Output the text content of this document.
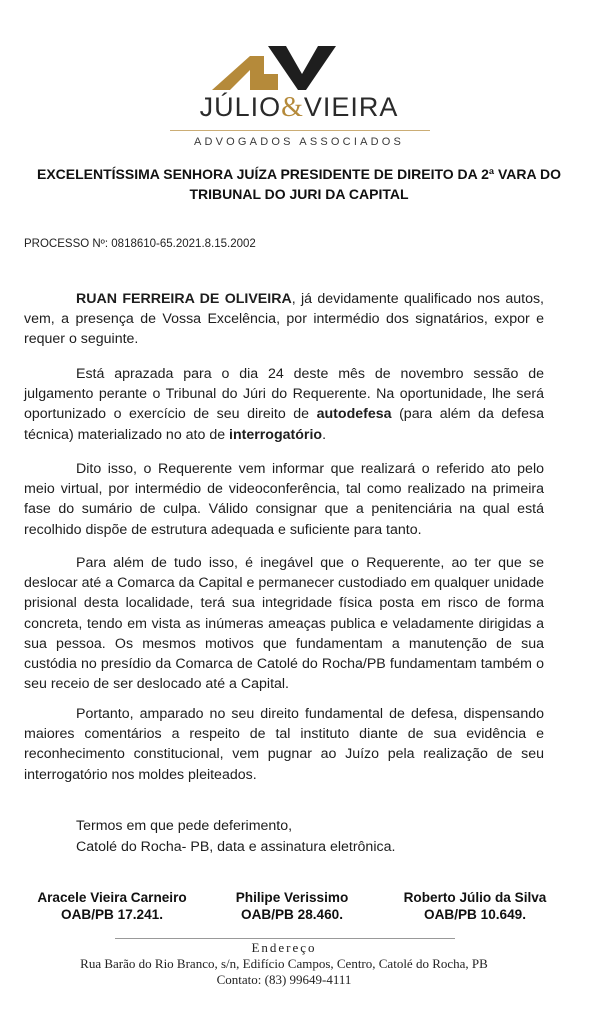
JÚLIO&VIEIRA
ADVOGADOS ASSOCIADOS
EXCELENTÍSSIMA SENHORA JUÍZA PRESIDENTE DE DIREITO DA 2ª VARA DO TRIBUNAL DO JURI DA CAPITAL
PROCESSO Nº: 0818610-65.2021.8.15.2002

RUAN FERREIRA DE OLIVEIRA, já devidamente qualificado nos autos, vem, a presença de Vossa Excelência, por intermédio dos signatários, expor e requer o seguinte.

Está aprazada para o dia 24 deste mês de novembro sessão de julgamento perante o Tribunal do Júri do Requerente. Na oportunidade, lhe será oportunizado o exercício de seu direito de autodefesa (para além da defesa técnica) materializado no ato de interrogatório.

Dito isso, o Requerente vem informar que realizará o referido ato pelo meio virtual, por intermédio de videoconferência, tal como realizado na primeira fase do sumário de culpa. Válido consignar que a penitenciária na qual está recolhido dispõe de estrutura adequada e suficiente para tanto.

Para além de tudo isso, é inegável que o Requerente, ao ter que se deslocar até a Comarca da Capital e permanecer custodiado em qualquer unidade prisional desta localidade, terá sua integridade física posta em risco de forma concreta, tendo em vista as inúmeras ameaças publica e veladamente dirigidas a sua pessoa. Os mesmos motivos que fundamentam a manutenção de sua custódia no presídio da Comarca de Catolé do Rocha/PB fundamentam também o seu receio de ser deslocado até a Capital.

Portanto, amparado no seu direito fundamental de defesa, dispensando maiores comentários a respeito de tal instituto diante de sua evidência e reconhecimento constitucional, vem pugnar ao Juízo pela realização de seu interrogatório nos moldes pleiteados.

Termos em que pede deferimento,
Catolé do Rocha- PB, data e assinatura eletrônica.
Aracele Vieira Carneiro
OAB/PB 17.241.
Philipe Verissimo
OAB/PB 28.460.
Roberto Júlio da Silva
OAB/PB 10.649.
Endereço
Rua Barão do Rio Branco, s/n, Edifício Campos, Centro, Catolé do Rocha, PB
Contato: (83) 99649-4111
